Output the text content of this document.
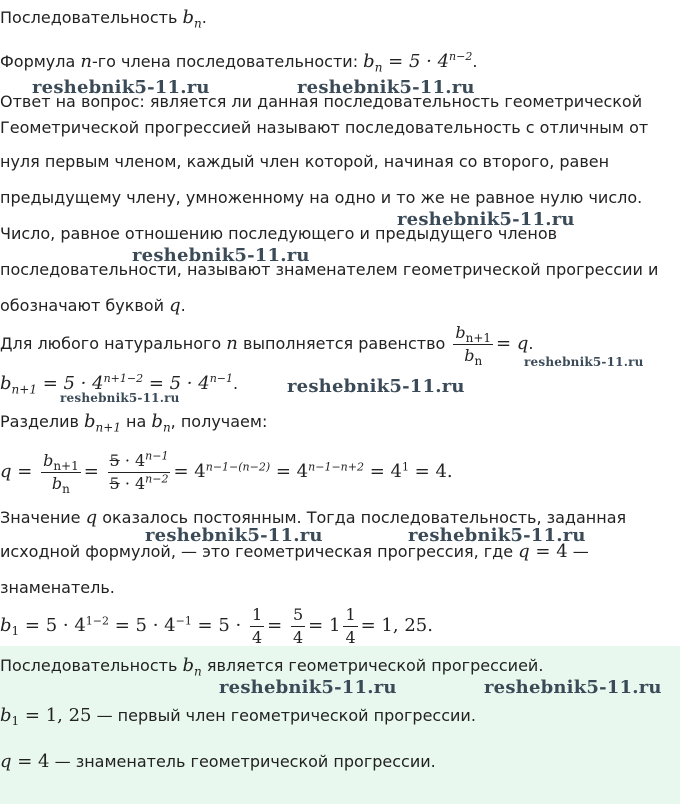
Последовательность $b_n$.
Формула n-го члена последовательности: $b_n = 5 \cdot 4^{n-2}$.
Ответ на вопрос: является ли данная последовательность геометрической
Геометрической прогрессией называют последовательность с отличным от
нуля первым членом, каждый член которой, начиная со второго, равен
предыдущему члену, умноженному на одно и то же не равное нулю число.
Число, равное отношению последующего и предыдущего членов
последовательности, называют знаменателем геометрической прогрессии и
обозначают буквой q.
Для любого натурального n выполняется равенство $\frac{b_{n+1}}{b_n} = q$.
$b_{n+1} = 5 \cdot 4^{n+1-2} = 5 \cdot 4^{n-1}$.
Разделив $b_{n+1}$ на $b_n$, получаем:
$q = \frac{b_{n+1}}{b_n} = \frac{5 \cdot 4^{n-1}}{5 \cdot 4^{n-2}} = 4^{n-1-(n-2)} = 4^{n-1-n+2} = 4^1 = 4$.
Значение q оказалось постоянным. Тогда последовательность, заданная
исходной формулой, — это геометрическая прогрессия, где q = 4 —
знаменатель.
$b_1 = 5 \cdot 4^{1-2} = 5 \cdot 4^{-1} = 5 \cdot \frac{1}{4} = \frac{5}{4} = 1 \frac{1}{4} = 1$, 25.
Последовательность $b_n$ является геометрической прогрессией.
$b_1 = 1$, 25 — первый член геометрической прогрессии.
q = 4 — знаменатель геометрической прогрессии.
reshebnik5-11.ru	reshebnik5-11.ru
reshebnik5-11.ru
reshebnik5-11.ru
reshebnik5-11.ru
reshebnik5-11.ru
reshebnik5-11.ru
reshebnik5-11.ru	reshebnik5-11.ru
reshebnik5-11.ru	reshebnik5-11.ru
